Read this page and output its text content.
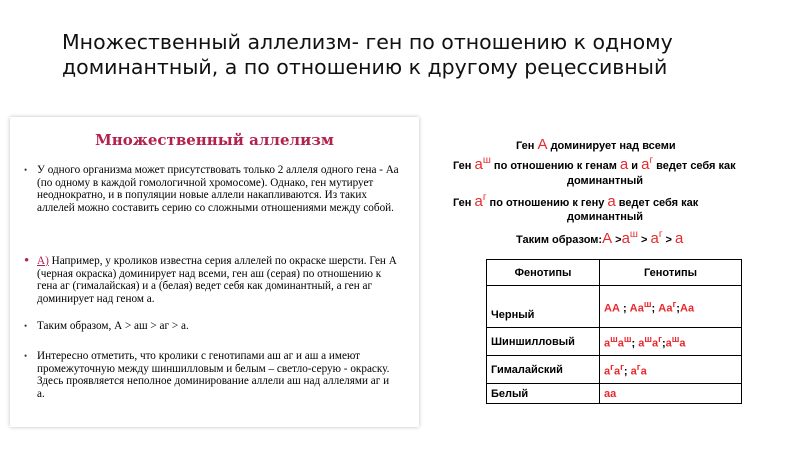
Множественный аллелизм- ген по отношению к одному доминантный, а по отношению к другому рецессивный
Множественный аллелизм
• У одного организма может присутствовать только 2 аллеля одного гена - Аа (по одному в каждой гомологичной хромосоме). Однако, ген мутирует неоднократно, и в популяции новые аллели накапливаются. Из таких аллелей можно составить серию со сложными отношениями между собой.
• А) Например, у кроликов известна серия аллелей по окраске шерсти. Ген А (черная окраска) доминирует над всеми, ген аш (серая) по отношению к гена аг (гималайская) и а (белая) ведет себя как доминантный, а ген аг доминирует над геном а.
• Таким образом, А > аш > аг > а.
• Интересно отметить, что кролики с генотипами аш аг и аш а имеют промежуточную между шиншилловым и белым – светло-серую - окраску. Здесь проявляется неполное доминирование аллели аш над аллелями аг и а.
Ген А доминирует над всеми
Ген $а^ш$ по отношению к генам а и $а^г$ ведет себя как
доминантный
Ген $а^г$ по отношению к гену а ведет себя как
доминантный
Таким образом:А $>а^ш > а^г > а$
Фенотипы	Генотипы
Черный	АА ; $Аа^ш$; $Аа^г;Аа$
Шиншилловый	$а^ша^ш$; $а^ша^г;а^ша$
Гималайский	$а^га^г$; $а^га$
Белый	аа
